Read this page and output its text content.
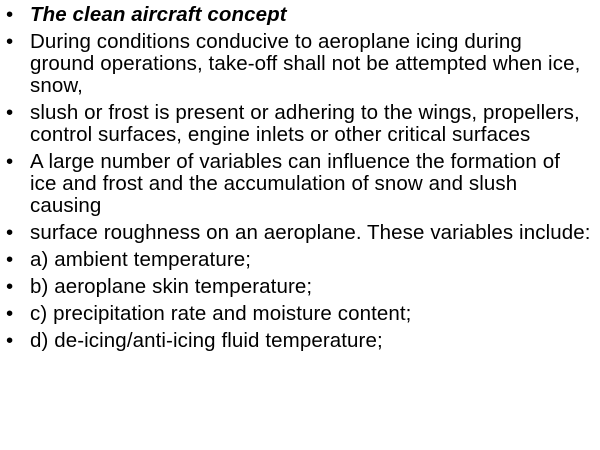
• The clean aircraft concept
• During conditions conducive to aeroplane icing during ground operations, take-off shall not be attempted when ice, snow,
• slush or frost is present or adhering to the wings, propellers, control surfaces, engine inlets or other critical surfaces
• A large number of variables can influence the formation of ice and frost and the accumulation of snow and slush causing
• surface roughness on an aeroplane. These variables include:
• a) ambient temperature;
• b) aeroplane skin temperature;
• c) precipitation rate and moisture content;
• d) de-icing/anti-icing fluid temperature;
